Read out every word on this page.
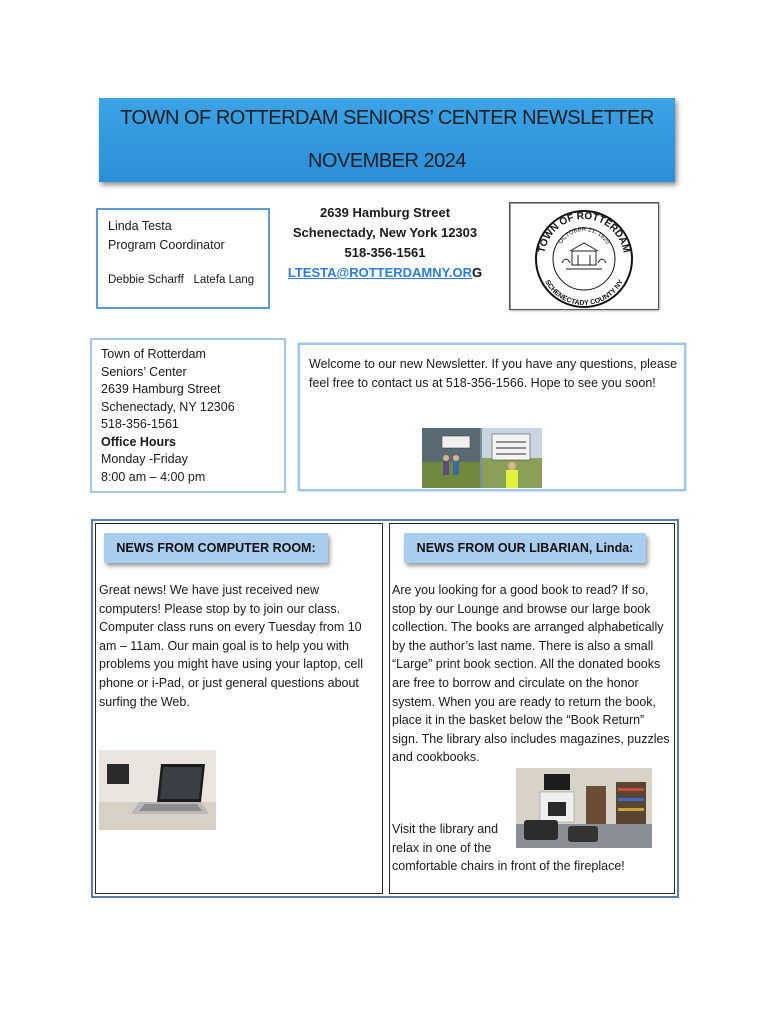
TOWN OF ROTTERDAM SENIORS’ CENTER NEWSLETTER
NOVEMBER 2024
Linda Testa
Program Coordinator
Debbie Scharff   Latefa Lang
2639 Hamburg Street
Schenectady, New York 12303
518-356-1561
LTESTA@ROTTERDAMNY.ORG
TOWN OF ROTTERDAM
OCTOBER 21, 1820
SCHENECTADY COUNTY NY
Town of Rotterdam
Seniors’ Center
2639 Hamburg Street
Schenectady, NY 12306
518-356-1561
Office Hours
Monday -Friday
8:00 am – 4:00 pm
Welcome to our new Newsletter. If you have any questions, please feel free to contact us at 518-356-1566. Hope to see you soon!
NEWS FROM COMPUTER ROOM:	NEWS FROM OUR LIBARIAN, Linda:
Great news! We have just received new computers! Please stop by to join our class. Computer class runs on every Tuesday from 10 am – 11am. Our main goal is to help you with problems you might have using your laptop, cell phone or i-Pad, or just general questions about surfing the Web.
Are you looking for a good book to read? If so, stop by our Lounge and browse our large book collection. The books are arranged alphabetically by the author’s last name. There is also a small “Large” print book section. All the donated books are free to borrow and circulate on the honor system. When you are ready to return the book, place it in the basket below the “Book Return” sign. The library also includes magazines, puzzles and cookbooks.
Visit the library and
relax in one of the
comfortable chairs in front of the fireplace!
